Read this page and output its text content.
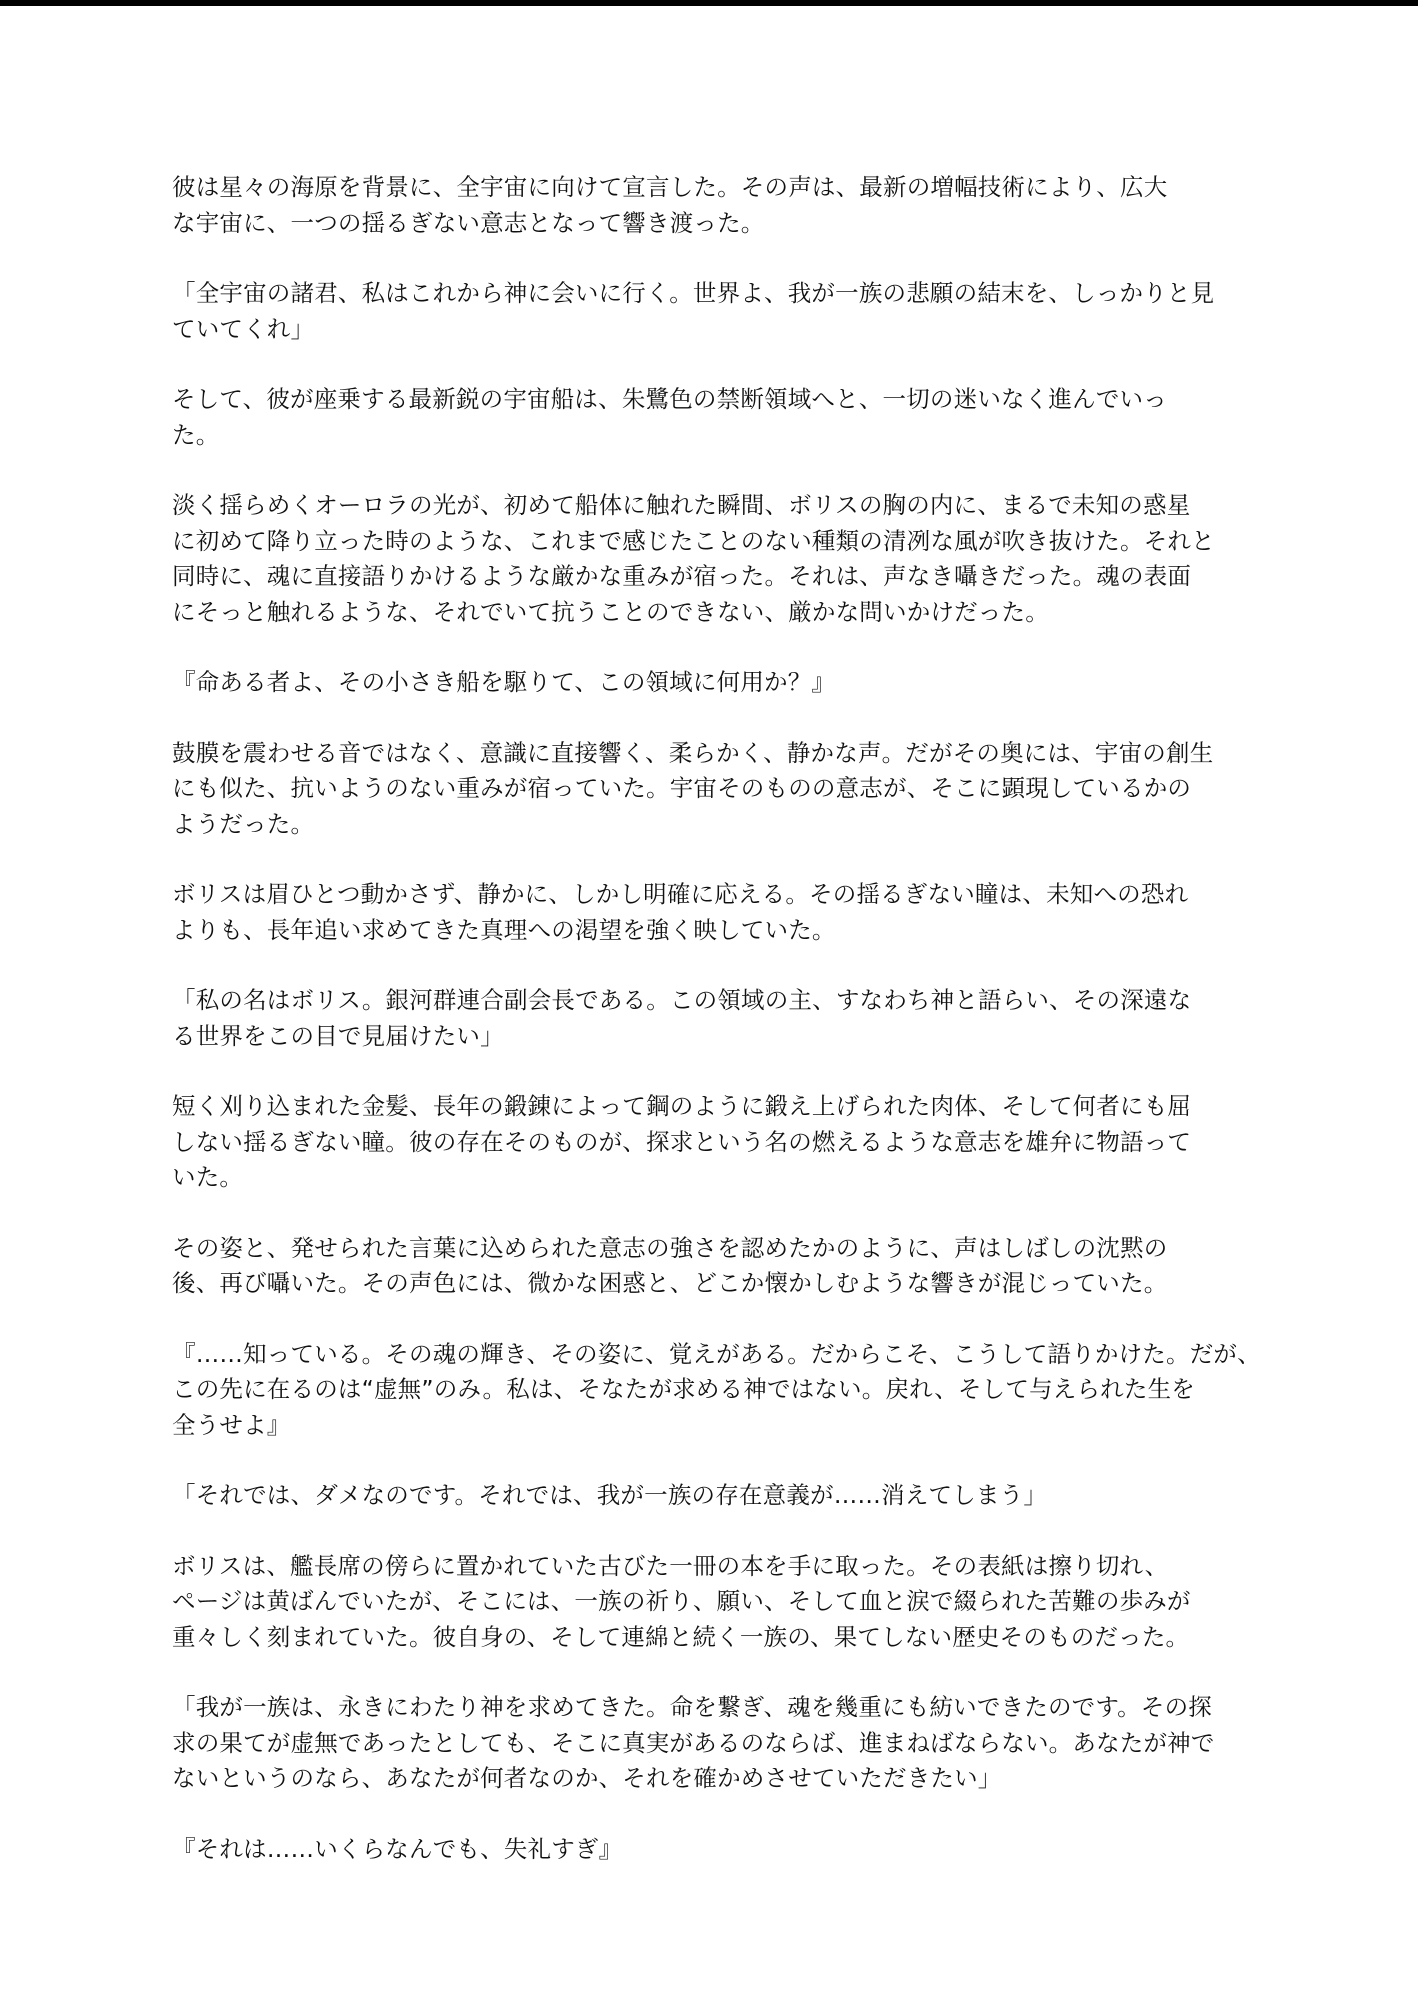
彼は星々の海原を背景に、全宇宙に向けて宣言した。その声は、最新の増幅技術により、広大
な宇宙に、一つの揺るぎない意志となって響き渡った。

「全宇宙の諸君、私はこれから神に会いに行く。世界よ、我が一族の悲願の結末を、しっかりと見
ていてくれ」

そして、彼が座乗する最新鋭の宇宙船は、朱鷺色の禁断領域へと、一切の迷いなく進んでいっ
た。

淡く揺らめくオーロラの光が、初めて船体に触れた瞬間、ボリスの胸の内に、まるで未知の惑星
に初めて降り立った時のような、これまで感じたことのない種類の清冽な風が吹き抜けた。それと
同時に、魂に直接語りかけるような厳かな重みが宿った。それは、声なき囁きだった。魂の表面
にそっと触れるような、それでいて抗うことのできない、厳かな問いかけだった。

『命ある者よ、その小さき船を駆りて、この領域に何用か？』

鼓膜を震わせる音ではなく、意識に直接響く、柔らかく、静かな声。だがその奥には、宇宙の創生
にも似た、抗いようのない重みが宿っていた。宇宙そのものの意志が、そこに顕現しているかの
ようだった。

ボリスは眉ひとつ動かさず、静かに、しかし明確に応える。その揺るぎない瞳は、未知への恐れ
よりも、長年追い求めてきた真理への渇望を強く映していた。

「私の名はボリス。銀河群連合副会長である。この領域の主、すなわち神と語らい、その深遠な
る世界をこの目で見届けたい」

短く刈り込まれた金髪、長年の鍛錬によって鋼のように鍛え上げられた肉体、そして何者にも屈
しない揺るぎない瞳。彼の存在そのものが、探求という名の燃えるような意志を雄弁に物語って
いた。

その姿と、発せられた言葉に込められた意志の強さを認めたかのように、声はしばしの沈黙の
後、再び囁いた。その声色には、微かな困惑と、どこか懐かしむような響きが混じっていた。

『……知っている。その魂の輝き、その姿に、覚えがある。だからこそ、こうして語りかけた。だが、
この先に在るのは“虚無”のみ。私は、そなたが求める神ではない。戻れ、そして与えられた生を
全うせよ』

「それでは、ダメなのです。それでは、我が一族の存在意義が……消えてしまう」

ボリスは、艦長席の傍らに置かれていた古びた一冊の本を手に取った。その表紙は擦り切れ、
ページは黄ばんでいたが、そこには、一族の祈り、願い、そして血と涙で綴られた苦難の歩みが
重々しく刻まれていた。彼自身の、そして連綿と続く一族の、果てしない歴史そのものだった。

「我が一族は、永きにわたり神を求めてきた。命を繋ぎ、魂を幾重にも紡いできたのです。その探
求の果てが虚無であったとしても、そこに真実があるのならば、進まねばならない。あなたが神で
ないというのなら、あなたが何者なのか、それを確かめさせていただきたい」

『それは……いくらなんでも、失礼すぎ』
